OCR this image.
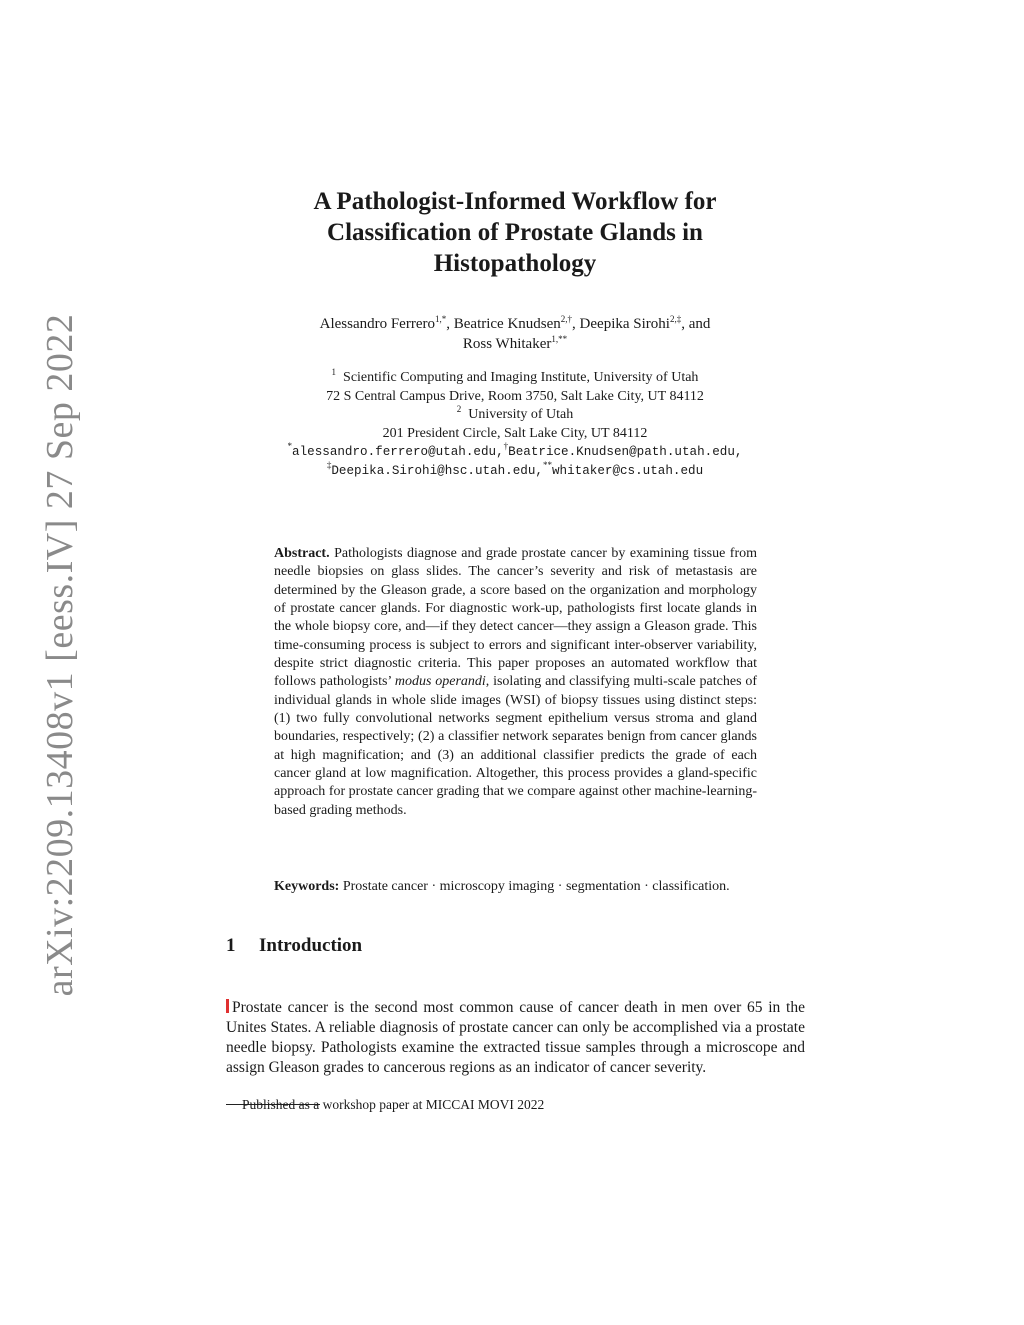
arXiv:2209.13408v1 [eess.IV] 27 Sep 2022
A Pathologist-Informed Workflow for
Classification of Prostate Glands in
Histopathology
Alessandro Ferrero$^{1,*}$, Beatrice Knudsen$^{2,\dagger}$, Deepika Sirohi$^{2,\ddagger}$, and
Ross Whitaker$^{1,**}$
$^1$ Scientific Computing and Imaging Institute, University of Utah
72 S Central Campus Drive, Room 3750, Salt Lake City, UT 84112
$^2$ University of Utah
201 President Circle, Salt Lake City, UT 84112
*alessandro.ferrero@utah.edu,†Beatrice.Knudsen@path.utah.edu,
‡Deepika.Sirohi@hsc.utah.edu,**whitaker@cs.utah.edu

Abstract. Pathologists diagnose and grade prostate cancer by examining tissue from needle biopsies on glass slides. The cancer’s severity and risk of metastasis are determined by the Gleason grade, a score based on the organization and morphology of prostate cancer glands. For diagnostic work-up, pathologists first locate glands in the whole biopsy core, and—if they detect cancer—they assign a Gleason grade. This time-consuming process is subject to errors and significant inter-observer variability, despite strict diagnostic criteria. This paper proposes an automated workflow that follows pathologists’ modus operandi, isolating and classifying multi-scale patches of individual glands in whole slide images (WSI) of biopsy tissues using distinct steps: (1) two fully convolutional networks segment epithelium versus stroma and gland boundaries, respectively; (2) a classifier network separates benign from cancer glands at high magnification; and (3) an additional classifier predicts the grade of each cancer gland at low magnification. Altogether, this process provides a gland-specific approach for prostate cancer grading that we compare against other machine-learning-based grading methods.

Keywords: Prostate cancer · microscopy imaging · segmentation · classification.

1 Introduction

Prostate cancer is the second most common cause of cancer death in men over 65 in the Unites States. A reliable diagnosis of prostate cancer can only be accomplished via a prostate needle biopsy. Pathologists examine the extracted tissue samples through a microscope and assign Gleason grades to cancerous regions as an indicator of cancer severity.

Published as a workshop paper at MICCAI MOVI 2022
